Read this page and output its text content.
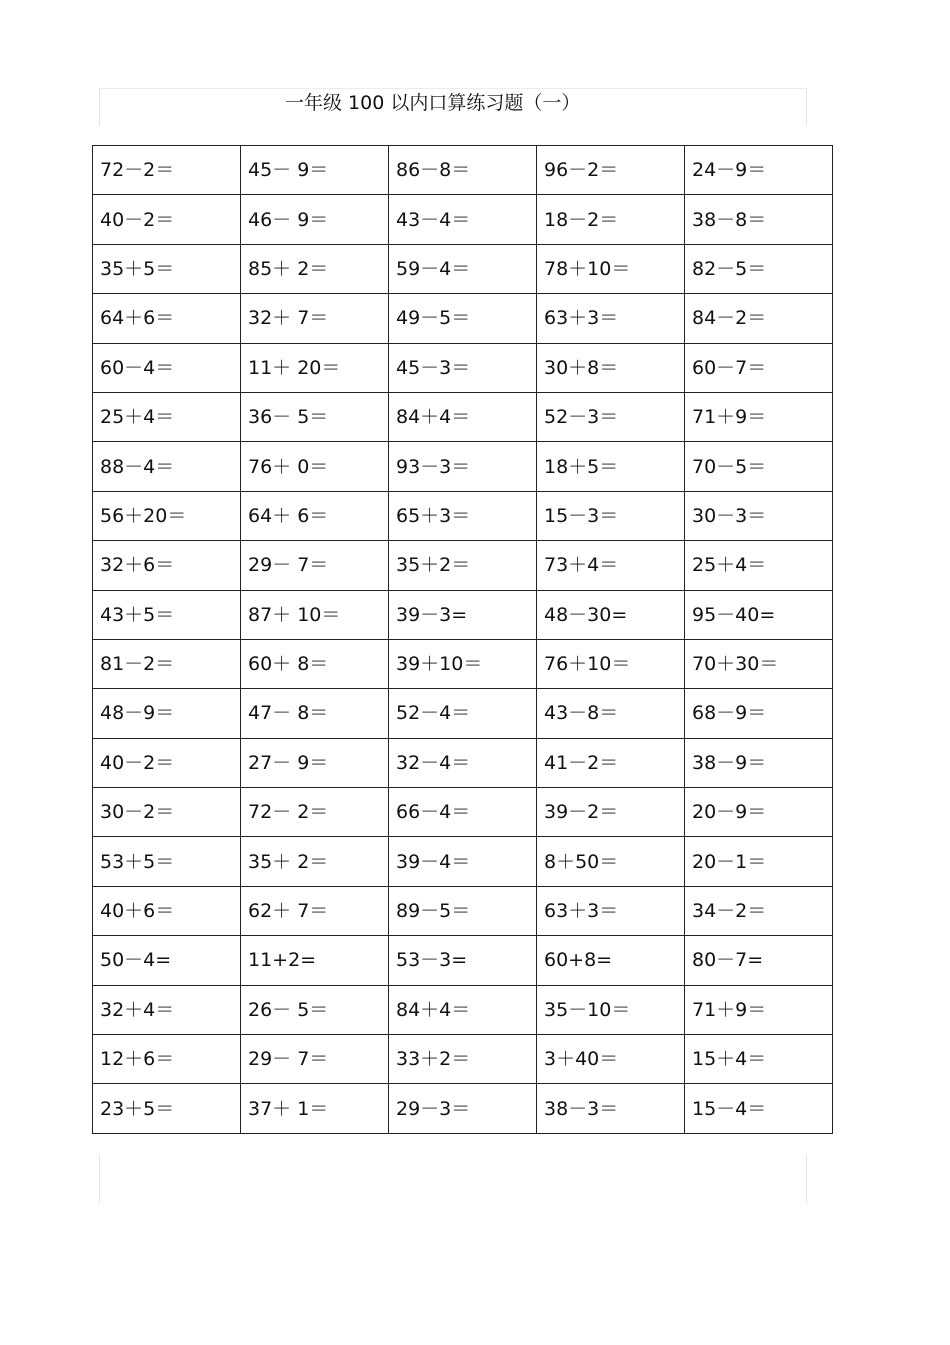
一年级 100 以内口算练习题（一）
72－2＝	45－ 9＝	86－8＝	96－2＝	24－9＝
40－2＝	46－ 9＝	43－4＝	18－2＝	38－8＝
35＋5＝	85＋ 2＝	59－4＝	78＋10＝	82－5＝
64＋6＝	32＋ 7＝	49－5＝	63＋3＝	84－2＝
60－4＝	11＋ 20＝	45－3＝	30＋8＝	60－7＝
25＋4＝	36－ 5＝	84＋4＝	52－3＝	71＋9＝
88－4＝	76＋ 0＝	93－3＝	18＋5＝	70－5＝
56＋20＝	64＋ 6＝	65＋3＝	15－3＝	30－3＝
32＋6＝	29－ 7＝	35＋2＝	73＋4＝	25＋4＝
43＋5＝	87＋ 10＝	39－3=	48－30=	95－40=
81－2＝	60＋ 8＝	39＋10＝	76＋10＝	70＋30＝
48－9＝	47－ 8＝	52－4＝	43－8＝	68－9＝
40－2＝	27－ 9＝	32－4＝	41－2＝	38－9＝
30－2＝	72－ 2＝	66－4＝	39－2＝	20－9＝
53＋5＝	35＋ 2＝	39－4＝	8＋50＝	20－1＝
40＋6＝	62＋ 7＝	89－5＝	63＋3＝	34－2＝
50－4=	11+2=	53－3=	60+8=	80－7=
32＋4＝	26－ 5＝	84＋4＝	35－10＝	71＋9＝
12＋6＝	29－ 7＝	33＋2＝	3＋40＝	15＋4＝
23＋5＝	37＋ 1＝	29－3＝	38－3＝	15－4＝
